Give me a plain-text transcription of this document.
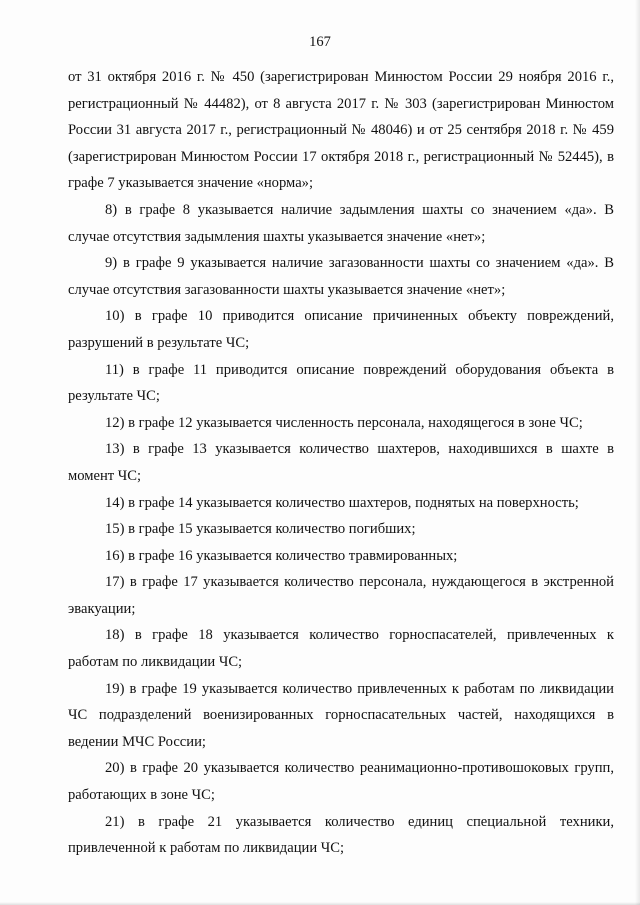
167

от 31 октября 2016 г. № 450 (зарегистрирован Минюстом России 29 ноября 2016 г., регистрационный № 44482), от 8 августа 2017 г. № 303 (зарегистрирован Минюстом России 31 августа 2017 г., регистрационный № 48046) и от 25 сентября 2018 г. № 459 (зарегистрирован Минюстом России 17 октября 2018 г., регистрационный № 52445), в графе 7 указывается значение «норма»;

8) в графе 8 указывается наличие задымления шахты со значением «да». В случае отсутствия задымления шахты указывается значение «нет»;

9) в графе 9 указывается наличие загазованности шахты со значением «да». В случае отсутствия загазованности шахты указывается значение «нет»;

10) в графе 10 приводится описание причиненных объекту повреждений, разрушений в результате ЧС;

11) в графе 11 приводится описание повреждений оборудования объекта в результате ЧС;

12) в графе 12 указывается численность персонала, находящегося в зоне ЧС;

13) в графе 13 указывается количество шахтеров, находившихся в шахте в момент ЧС;

14) в графе 14 указывается количество шахтеров, поднятых на поверхность;

15) в графе 15 указывается количество погибших;

16) в графе 16 указывается количество травмированных;

17) в графе 17 указывается количество персонала, нуждающегося в экстренной эвакуации;

18) в графе 18 указывается количество горноспасателей, привлеченных к работам по ликвидации ЧС;

19) в графе 19 указывается количество привлеченных к работам по ликвидации ЧС подразделений военизированных горноспасательных частей, находящихся в ведении МЧС России;

20) в графе 20 указывается количество реанимационно-противошоковых групп, работающих в зоне ЧС;

21) в графе 21 указывается количество единиц специальной техники, привлеченной к работам по ликвидации ЧС;
